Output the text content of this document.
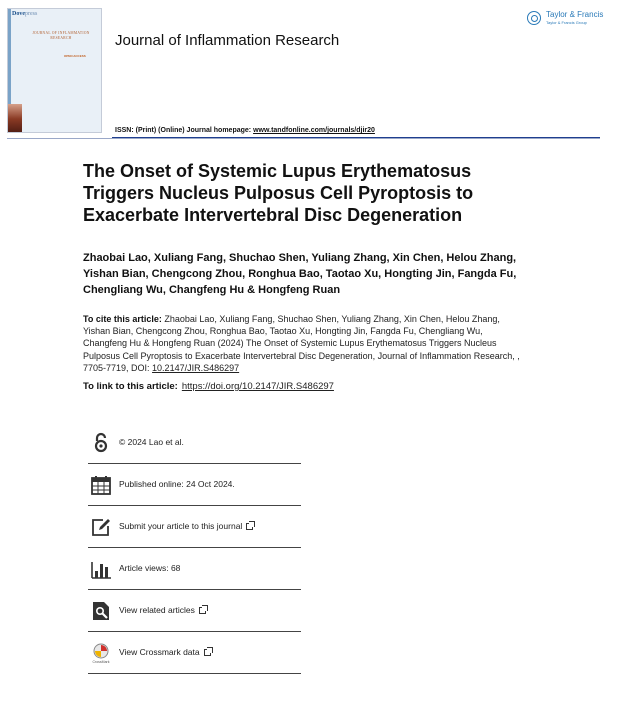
Dovepress
JOURNAL OF INFLAMMATION RESEARCH
OPEN ACCESS
Journal of Inflammation Research
Taylor & Francis
Taylor & Francis Group
ISSN: (Print) (Online) Journal homepage: www.tandfonline.com/journals/djir20
The Onset of Systemic Lupus Erythematosus Triggers Nucleus Pulposus Cell Pyroptosis to Exacerbate Intervertebral Disc Degeneration
Zhaobai Lao, Xuliang Fang, Shuchao Shen, Yuliang Zhang, Xin Chen, Helou Zhang, Yishan Bian, Chengcong Zhou, Ronghua Bao, Taotao Xu, Hongting Jin, Fangda Fu, Chengliang Wu, Changfeng Hu & Hongfeng Ruan
To cite this article: Zhaobai Lao, Xuliang Fang, Shuchao Shen, Yuliang Zhang, Xin Chen, Helou Zhang, Yishan Bian, Chengcong Zhou, Ronghua Bao, Taotao Xu, Hongting Jin, Fangda Fu, Chengliang Wu, Changfeng Hu & Hongfeng Ruan (2024) The Onset of Systemic Lupus Erythematosus Triggers Nucleus Pulposus Cell Pyroptosis to Exacerbate Intervertebral Disc Degeneration, Journal of Inflammation Research, , 7705-7719, DOI: 10.2147/JIR.S486297
To link to this article: https://doi.org/10.2147/JIR.S486297
© 2024 Lao et al.
Published online: 24 Oct 2024.
Submit your article to this journal
Article views: 68
View related articles
CrossMark
View Crossmark data
